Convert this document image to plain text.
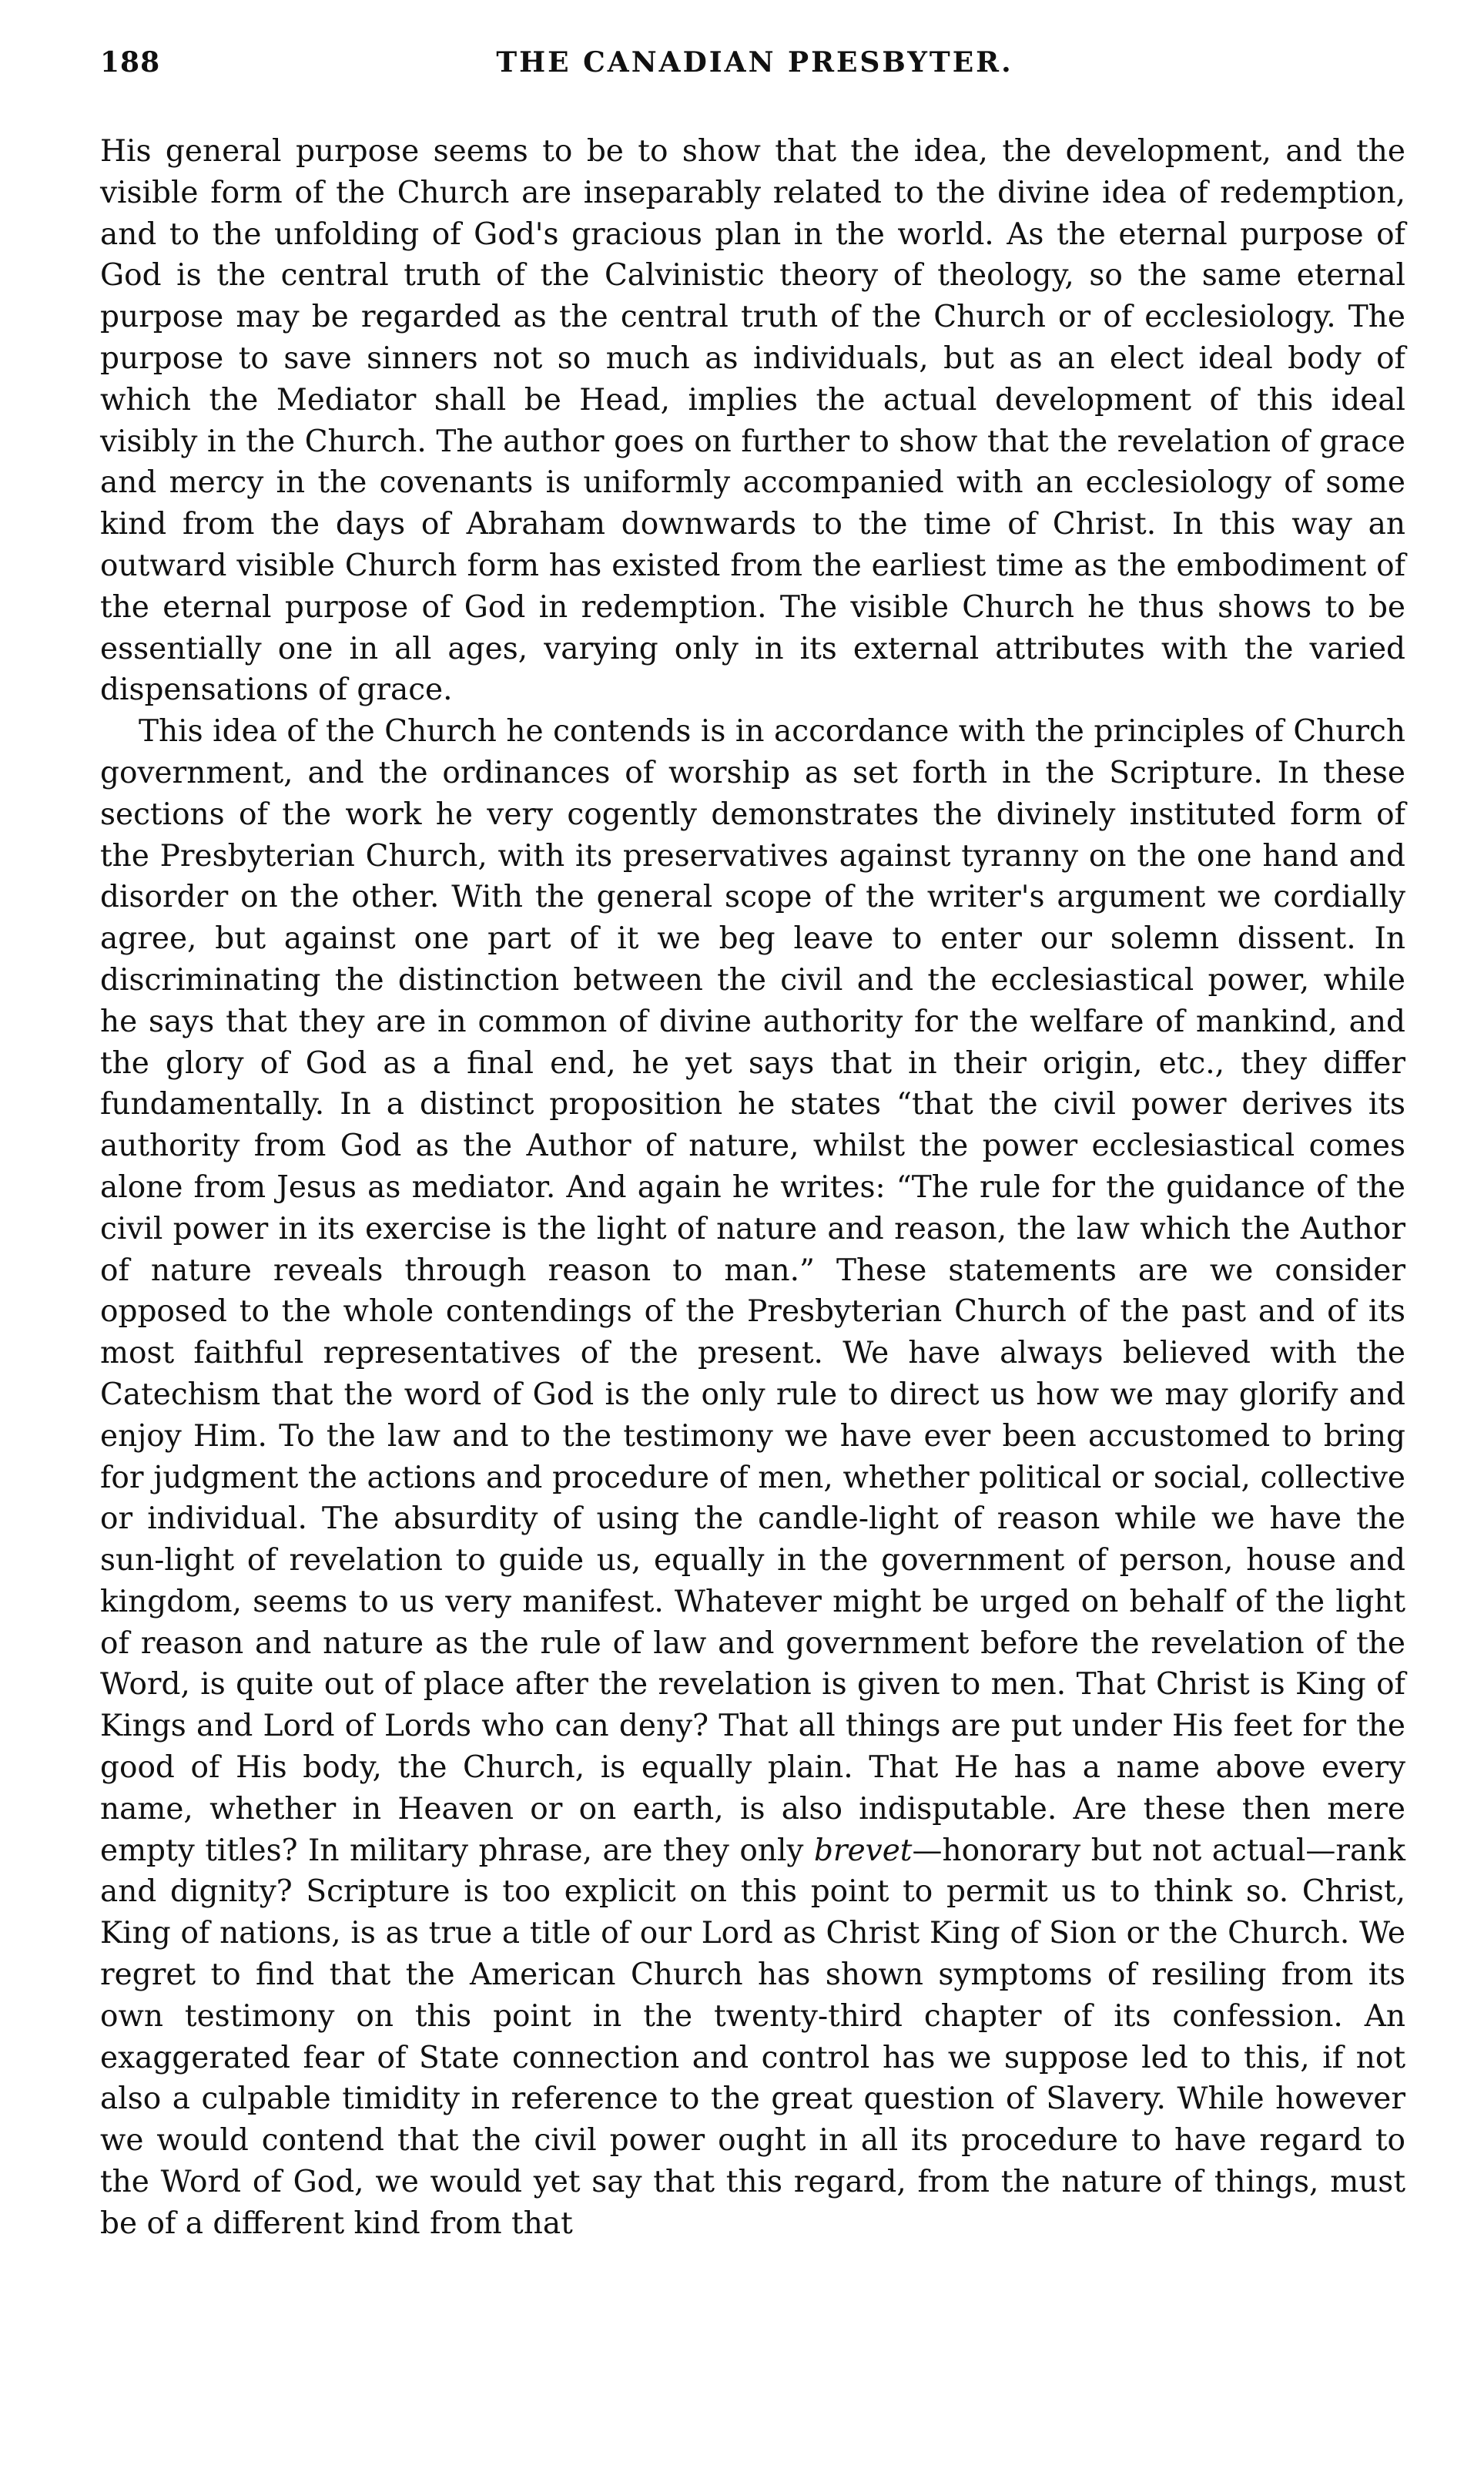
188	THE CANADIAN PRESBYTER.

His general purpose seems to be to show that the idea, the development, and the visible form of the Church are inseparably related to the divine idea of redemption, and to the unfolding of God's gracious plan in the world. As the eternal purpose of God is the central truth of the Calvinistic theory of theology, so the same eternal purpose may be regarded as the central truth of the Church or of ecclesiology. The purpose to save sinners not so much as individuals, but as an elect ideal body of which the Mediator shall be Head, implies the actual development of this ideal visibly in the Church. The author goes on further to show that the revelation of grace and mercy in the covenants is uniformly accompanied with an ecclesiology of some kind from the days of Abraham downwards to the time of Christ. In this way an outward visible Church form has existed from the earliest time as the embodiment of the eternal purpose of God in redemption. The visible Church he thus shows to be essentially one in all ages, varying only in its external attributes with the varied dispensations of grace.

This idea of the Church he contends is in accordance with the principles of Church government, and the ordinances of worship as set forth in the Scripture. In these sections of the work he very cogently demonstrates the divinely instituted form of the Presbyterian Church, with its preservatives against tyranny on the one hand and disorder on the other. With the general scope of the writer's argument we cordially agree, but against one part of it we beg leave to enter our solemn dissent. In discriminating the distinction between the civil and the ecclesiastical power, while he says that they are in common of divine authority for the welfare of mankind, and the glory of God as a final end, he yet says that in their origin, etc., they differ fundamentally. In a distinct proposition he states “that the civil power derives its authority from God as the Author of nature, whilst the power ecclesiastical comes alone from Jesus as mediator. And again he writes: “The rule for the guidance of the civil power in its exercise is the light of nature and reason, the law which the Author of nature reveals through reason to man.” These statements are we consider opposed to the whole contendings of the Presbyterian Church of the past and of its most faithful representatives of the present. We have always believed with the Catechism that the word of God is the only rule to direct us how we may glorify and enjoy Him. To the law and to the testimony we have ever been accustomed to bring for judgment the actions and procedure of men, whether political or social, collective or individual. The absurdity of using the candle-light of reason while we have the sun-light of revelation to guide us, equally in the government of person, house and kingdom, seems to us very manifest. Whatever might be urged on behalf of the light of reason and nature as the rule of law and government before the revelation of the Word, is quite out of place after the revelation is given to men. That Christ is King of Kings and Lord of Lords who can deny? That all things are put under His feet for the good of His body, the Church, is equally plain. That He has a name above every name, whether in Heaven or on earth, is also indisputable. Are these then mere empty titles? In military phrase, are they only brevet—honorary but not actual—rank and dignity? Scripture is too explicit on this point to permit us to think so. Christ, King of nations, is as true a title of our Lord as Christ King of Sion or the Church. We regret to find that the American Church has shown symptoms of resiling from its own testimony on this point in the twenty-third chapter of its confession. An exaggerated fear of State connection and control has we suppose led to this, if not also a culpable timidity in reference to the great question of Slavery. While however we would contend that the civil power ought in all its procedure to have regard to the Word of God, we would yet say that this regard, from the nature of things, must be of a different kind from that
